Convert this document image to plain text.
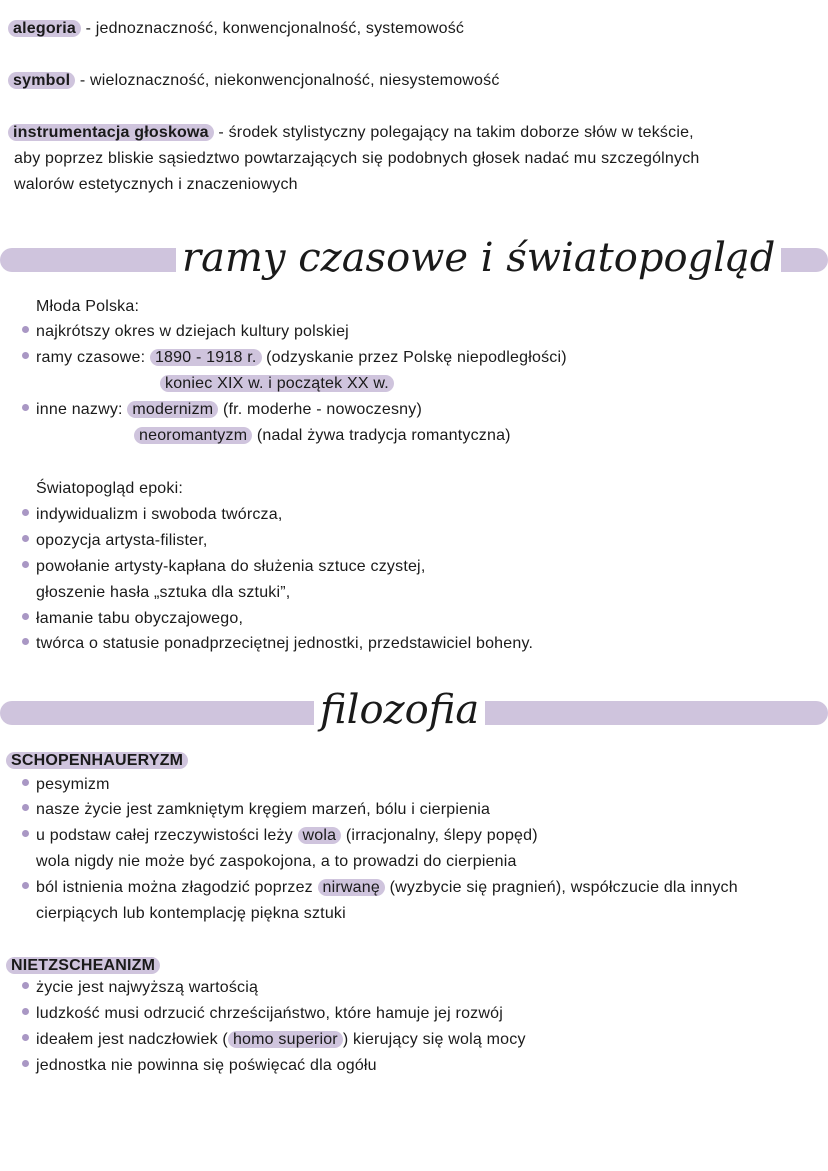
alegoria - jednoznaczność, konwencjonalność, systemowość
symbol - wieloznaczność, niekonwencjonalność, niesystemowość
instrumentacja głoskowa - środek stylistyczny polegający na takim doborze słów w tekście,
aby poprzez bliskie sąsiedztwo powtarzających się podobnych głosek nadać mu szczególnych
walorów estetycznych i znaczeniowych
ramy czasowe i światopogląd
Młoda Polska:
najkrótszy okres w dziejach kultury polskiej
ramy czasowe: 1890 - 1918 r. (odzyskanie przez Polskę niepodległości)
koniec XIX w. i początek XX w.
inne nazwy: modernizm (fr. moderhe - nowoczesny)
neoromantyzm (nadal żywa tradycja romantyczna)
Światopogląd epoki:
indywidualizm i swoboda twórcza,
opozycja artysta-filister,
powołanie artysty-kapłana do służenia sztuce czystej,
głoszenie hasła „sztuka dla sztuki”,
łamanie tabu obyczajowego,
twórca o statusie ponadprzeciętnej jednostki, przedstawiciel boheny.
filozofia
SCHOPENHAUERYZM
pesymizm
nasze życie jest zamkniętym kręgiem marzeń, bólu i cierpienia
u podstaw całej rzeczywistości leży wola (irracjonalny, ślepy popęd)
wola nigdy nie może być zaspokojona, a to prowadzi do cierpienia
ból istnienia można złagodzić poprzez nirwanę (wyzbycie się pragnień), współczucie dla innych
cierpiących lub kontemplację piękna sztuki
NIETZSCHEANIZM
życie jest najwyższą wartością
ludzkość musi odrzucić chrześcijaństwo, które hamuje jej rozwój
ideałem jest nadczłowiek ( homo superior ) kierujący się wolą mocy
jednostka nie powinna się poświęcać dla ogółu
